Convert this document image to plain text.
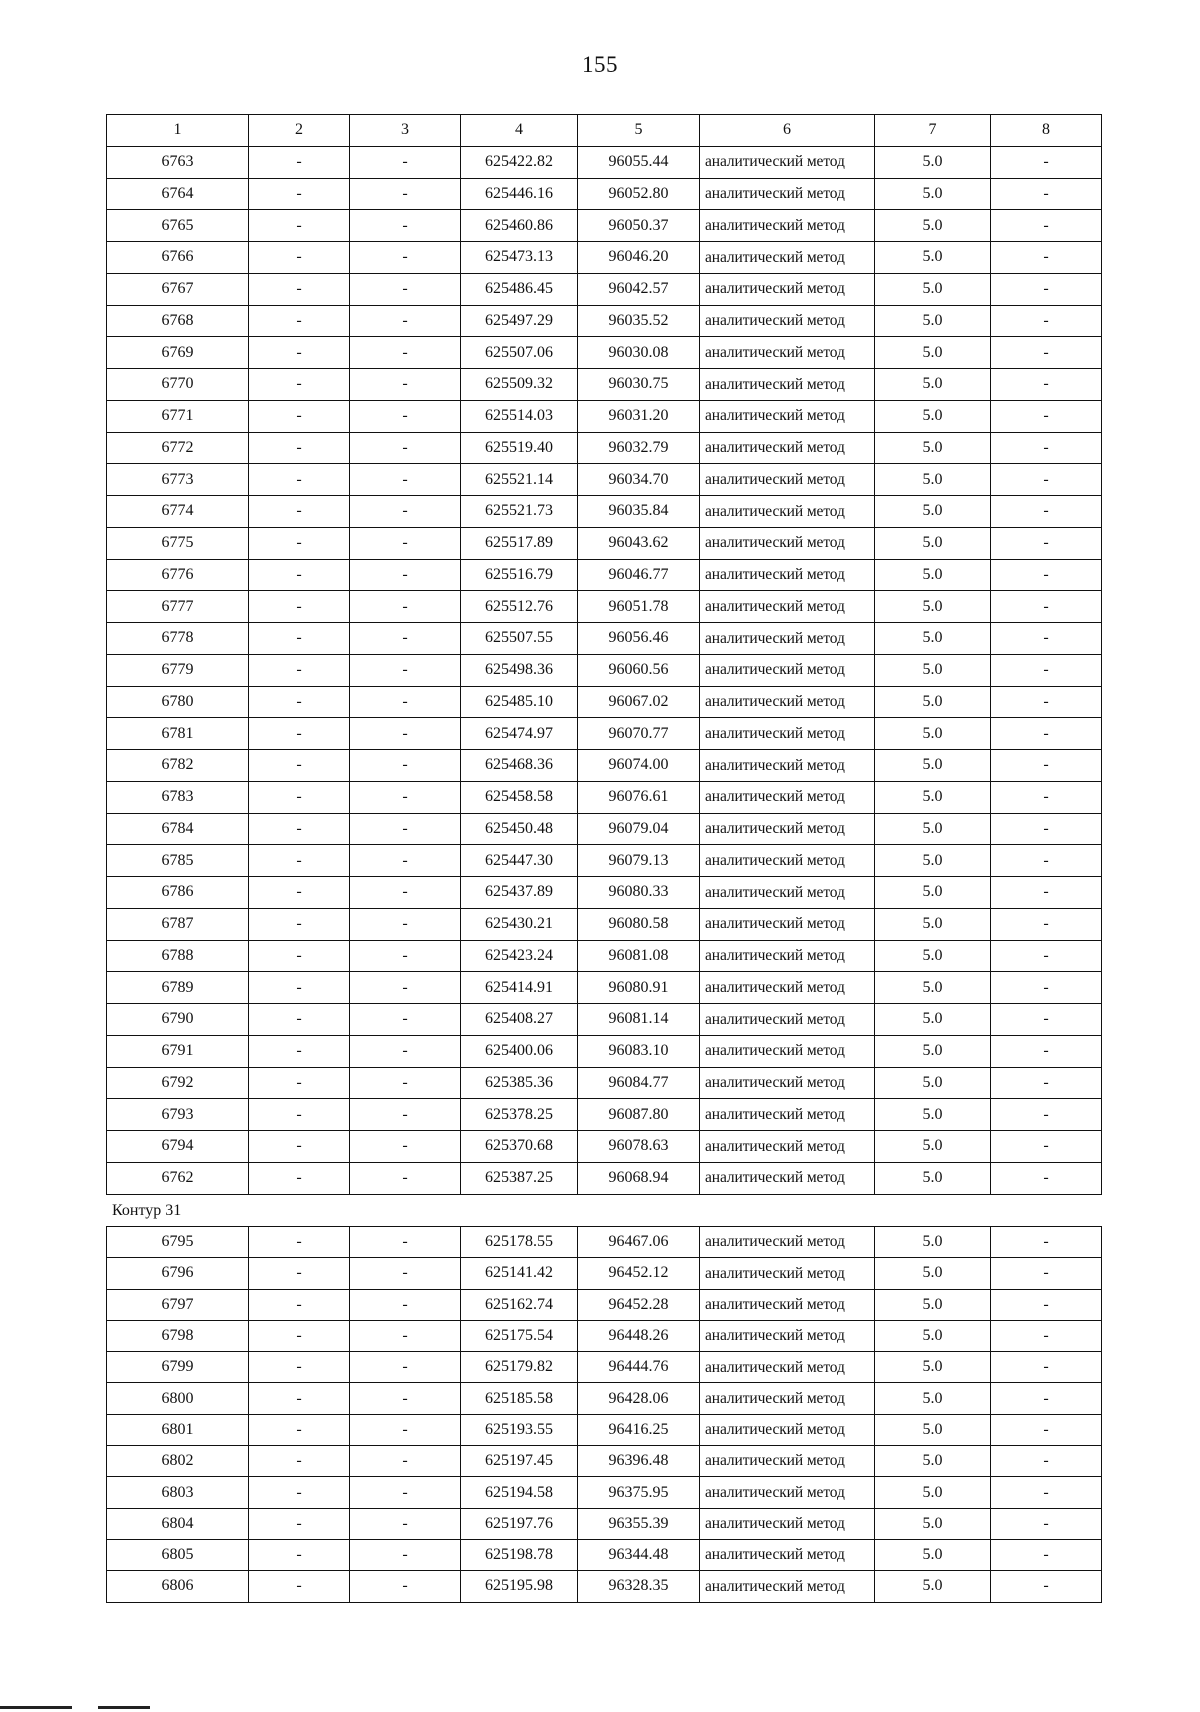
155
1	2	3	4	5	6	7	8
6763	-	-	625422.82	96055.44	аналитический метод	5.0	-
6764	-	-	625446.16	96052.80	аналитический метод	5.0	-
6765	-	-	625460.86	96050.37	аналитический метод	5.0	-
6766	-	-	625473.13	96046.20	аналитический метод	5.0	-
6767	-	-	625486.45	96042.57	аналитический метод	5.0	-
6768	-	-	625497.29	96035.52	аналитический метод	5.0	-
6769	-	-	625507.06	96030.08	аналитический метод	5.0	-
6770	-	-	625509.32	96030.75	аналитический метод	5.0	-
6771	-	-	625514.03	96031.20	аналитический метод	5.0	-
6772	-	-	625519.40	96032.79	аналитический метод	5.0	-
6773	-	-	625521.14	96034.70	аналитический метод	5.0	-
6774	-	-	625521.73	96035.84	аналитический метод	5.0	-
6775	-	-	625517.89	96043.62	аналитический метод	5.0	-
6776	-	-	625516.79	96046.77	аналитический метод	5.0	-
6777	-	-	625512.76	96051.78	аналитический метод	5.0	-
6778	-	-	625507.55	96056.46	аналитический метод	5.0	-
6779	-	-	625498.36	96060.56	аналитический метод	5.0	-
6780	-	-	625485.10	96067.02	аналитический метод	5.0	-
6781	-	-	625474.97	96070.77	аналитический метод	5.0	-
6782	-	-	625468.36	96074.00	аналитический метод	5.0	-
6783	-	-	625458.58	96076.61	аналитический метод	5.0	-
6784	-	-	625450.48	96079.04	аналитический метод	5.0	-
6785	-	-	625447.30	96079.13	аналитический метод	5.0	-
6786	-	-	625437.89	96080.33	аналитический метод	5.0	-
6787	-	-	625430.21	96080.58	аналитический метод	5.0	-
6788	-	-	625423.24	96081.08	аналитический метод	5.0	-
6789	-	-	625414.91	96080.91	аналитический метод	5.0	-
6790	-	-	625408.27	96081.14	аналитический метод	5.0	-
6791	-	-	625400.06	96083.10	аналитический метод	5.0	-
6792	-	-	625385.36	96084.77	аналитический метод	5.0	-
6793	-	-	625378.25	96087.80	аналитический метод	5.0	-
6794	-	-	625370.68	96078.63	аналитический метод	5.0	-
6762	-	-	625387.25	96068.94	аналитический метод	5.0	-
Контур 31
6795	-	-	625178.55	96467.06	аналитический метод	5.0	-
6796	-	-	625141.42	96452.12	аналитический метод	5.0	-
6797	-	-	625162.74	96452.28	аналитический метод	5.0	-
6798	-	-	625175.54	96448.26	аналитический метод	5.0	-
6799	-	-	625179.82	96444.76	аналитический метод	5.0	-
6800	-	-	625185.58	96428.06	аналитический метод	5.0	-
6801	-	-	625193.55	96416.25	аналитический метод	5.0	-
6802	-	-	625197.45	96396.48	аналитический метод	5.0	-
6803	-	-	625194.58	96375.95	аналитический метод	5.0	-
6804	-	-	625197.76	96355.39	аналитический метод	5.0	-
6805	-	-	625198.78	96344.48	аналитический метод	5.0	-
6806	-	-	625195.98	96328.35	аналитический метод	5.0	-
